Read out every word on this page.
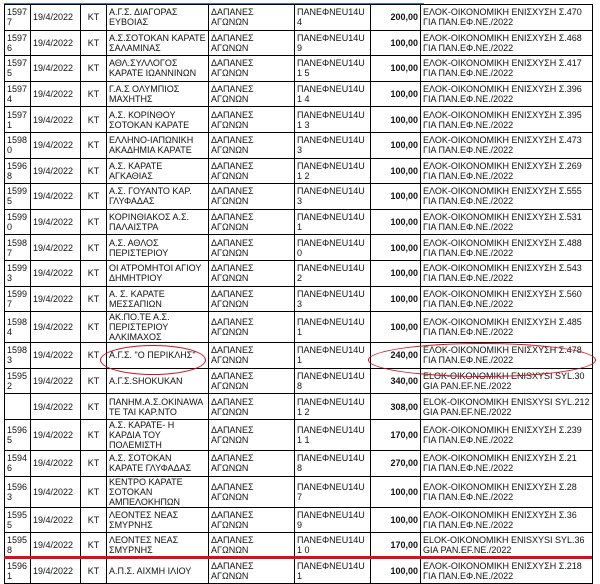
15977	19/4/2022	ΚΤ	Α.Γ.Σ. ΔΙΑΓΟΡΑΣ ΕΥΒΟΙΑΣ	ΔΑΠΑΝΕΣ ΑΓΩΝΩΝ	ΠΑΝΕΦΝΕU14U4	200,00	ΕΛΟΚ-ΟΙΚΟΝΟΜΙΚΗ ΕΝΙΣΧΥΣΗ Σ.470 ΓΙΑ ΠΑΝ.ΕΦ.ΝΕ./2022
15976	19/4/2022	ΚΤ	Α.Σ.ΣΟΤΟΚΑΝ ΚΑΡΑΤΕ ΣΑΛΑΜΙΝΑΣ	ΔΑΠΑΝΕΣ ΑΓΩΝΩΝ	ΠΑΝΕΦΝΕU14U9	100,00	ΕΛΟΚ-ΟΙΚΟΝΟΜΙΚΗ ΕΝΙΣΧΥΣΗ Σ.468 ΓΙΑ ΠΑΝ.ΕΦ.ΝΕ./2022
15975	19/4/2022	ΚΤ	ΑΘΛ.ΣΥΛΛΟΓΟΣ ΚΑΡΑΤΕ ΙΩΑΝΝΙΝΩΝ	ΔΑΠΑΝΕΣ ΑΓΩΝΩΝ	ΠΑΝΕΦΝΕU14U1 5	100,00	ΕΛΟΚ-ΟΙΚΟΝΟΜΙΚΗ ΕΝΙΣΧΥΣΗ Σ.417 ΓΙΑ ΠΑΝ.ΕΦ.ΝΕ./2022
15974	19/4/2022	ΚΤ	Γ.Α.Σ ΟΛΥΜΠΙΟΣ ΜΑΧΗΤΗΣ	ΔΑΠΑΝΕΣ ΑΓΩΝΩΝ	ΠΑΝΕΦΝΕU14U1 4	100,00	ΕΛΟΚ-ΟΙΚΟΝΟΜΙΚΗ ΕΝΙΣΧΥΣΗ Σ.396 ΓΙΑ ΠΑΝ.ΕΦ.ΝΕ./2022
15971	19/4/2022	ΚΤ	Α.Σ. ΚΟΡΙΝΘΟΥ ΣΟΤΟΚΑΝ ΚΑΡΑΤΕ	ΔΑΠΑΝΕΣ ΑΓΩΝΩΝ	ΠΑΝΕΦΝΕU14U1 3	100,00	ΕΛΟΚ-ΟΙΚΟΝΟΜΙΚΗ ΕΝΙΣΧΥΣΗ Σ.395 ΓΙΑ ΠΑΝ.ΕΦ.ΝΕ./2022
15980	19/4/2022	ΚΤ	ΕΛΛΗΝΟ-ΙΑΠΩΝΙΚΗ ΑΚΑΔΗΜΙΑ ΚΑΡΑΤΕ	ΔΑΠΑΝΕΣ ΑΓΩΝΩΝ	ΠΑΝΕΦΝΕU14U3	100,00	ΕΛΟΚ-ΟΙΚΟΝΟΜΙΚΗ ΕΝΙΣΧΥΣΗ Σ.473 ΓΙΑ ΠΑΝ.ΕΦ.ΝΕ./2022
15968	19/4/2022	ΚΤ	Α.Σ. ΚΑΡΑΤΕ ΑΓΚΑΘΙΑΣ	ΔΑΠΑΝΕΣ ΑΓΩΝΩΝ	ΠΑΝΕΦΝΕU14U1 2	100,00	ΕΛΟΚ-ΟΙΚΟΝΟΜΙΚΗ ΕΝΙΣΧΥΣΗ Σ.269 ΓΙΑ ΠΑΝ.ΕΦ.ΝΕ./2022
15995	19/4/2022	ΚΤ	Α.Σ. ΓΟΥΑΝΤΟ ΚΑΡ. ΓΛΥΦΑΔΑΣ	ΔΑΠΑΝΕΣ ΑΓΩΝΩΝ	ΠΑΝΕΦΝΕU14U3	100,00	ΕΛΟΚ-ΟΙΚΟΝΟΜΙΚΗ ΕΝΙΣΧΥΣΗ Σ.555 ΓΙΑ ΠΑΝ.ΕΦ.ΝΕ./2022
15990	19/4/2022	ΚΤ	ΚΟΡΙΝΘΙΑΚΟΣ Α.Σ. ΠΑΛΑΙΣΤΡΑ	ΔΑΠΑΝΕΣ ΑΓΩΝΩΝ	ΠΑΝΕΦΝΕU14U1	100,00	ΕΛΟΚ-ΟΙΚΟΝΟΜΙΚΗ ΕΝΙΣΧΥΣΗ Σ.531 ΓΙΑ ΠΑΝ.ΕΦ.ΝΕ./2022
15987	19/4/2022	ΚΤ	Α.Σ. ΑΘΛΟΣ ΠΕΡΙΣΤΕΡΙΟΥ	ΔΑΠΑΝΕΣ ΑΓΩΝΩΝ	ΠΑΝΕΦΝΕU14U0	100,00	ΕΛΟΚ-ΟΙΚΟΝΟΜΙΚΗ ΕΝΙΣΧΥΣΗ Σ.488 ΓΙΑ ΠΑΝ.ΕΦ.ΝΕ./2022
15993	19/4/2022	ΚΤ	ΟΙ ΑΤΡΟΜΗΤΟΙ ΑΓΙΟΥ ΔΗΜΗΤΡΙΟΥ	ΔΑΠΑΝΕΣ ΑΓΩΝΩΝ	ΠΑΝΕΦΝΕU14U2	100,00	ΕΛΟΚ-ΟΙΚΟΝΟΜΙΚΗ ΕΝΙΣΧΥΣΗ Σ.543 ΓΙΑ ΠΑΝ.ΕΦ.ΝΕ./2022
15997	19/4/2022	ΚΤ	Α. Σ. ΚΑΡΑΤΕ ΜΕΣΣΑΠΙΩΝ	ΔΑΠΑΝΕΣ ΑΓΩΝΩΝ	ΠΑΝΕΦΝΕU14U3	100,00	ΕΛΟΚ-ΟΙΚΟΝΟΜΙΚΗ ΕΝΙΣΧΥΣΗ Σ.560 ΓΙΑ ΠΑΝ.ΕΦ.ΝΕ./2022
15984	19/4/2022	ΚΤ	ΑΚ.ΠΟ.ΤΕ Α.Σ. ΠΕΡΙΣΤΕΡΙΟΥ ΑΛΚΙΜΑΧΟΣ	ΔΑΠΑΝΕΣ ΑΓΩΝΩΝ	ΠΑΝΕΦΝΕU14U1	100,00	ΕΛΟΚ-ΟΙΚΟΝΟΜΙΚΗ ΕΝΙΣΧΥΣΗ Σ.485 ΓΙΑ ΠΑΝ.ΕΦ.ΝΕ./2022
15983	19/4/2022	ΚΤ	Α.Γ.Σ. "Ο ΠΕΡΙΚΛΗΣ"	ΔΑΠΑΝΕΣ ΑΓΩΝΩΝ	ΠΑΝΕΦΝΕU14U1	240,00	ΕΛΟΚ-ΟΙΚΟΝΟΜΙΚΗ ΕΝΙΣΧΥΣΗ Σ.478 ΓΙΑ ΠΑΝ.ΕΦ.ΝΕ./2022
15952	19/4/2022	ΚΤ	Α.Γ.Σ.SHOKUKAN	ΔΑΠΑΝΕΣ ΑΓΩΝΩΝ	ΠΑΝΕΦΝΕU14U8	340,00	ELOK-OIKONOMIKH ENISXYSI SYL.30 GIA PAN.EF.NE./2022
	19/4/2022	ΚΤ	ΠΑΝΗΜ.Α.Σ.ΟΚΙΝΑWA ΤΕ ΤΑΙ ΚΑΡ.ΝΤΟ	ΔΑΠΑΝΕΣ ΑΓΩΝΩΝ	ΠΑΝΕΦΝΕU14U1 2	308,00	ELOK-OIKONOMIKH ENISXYSI SYL.212 GIA PAN.EF.NE./2022
15965	19/4/2022	ΚΤ	Α.Σ. ΚΑΡΑΤΕ- Η ΚΑΡΔΙΑ ΤΟΥ ΠΟΛΕΜΙΣΤΗ	ΔΑΠΑΝΕΣ ΑΓΩΝΩΝ	ΠΑΝΕΦΝΕU14U1 1	170,00	ΕΛΟΚ-ΟΙΚΟΝΟΜΙΚΗ ΕΝΙΣΧΥΣΗ Σ.239 ΓΙΑ ΠΑΝ.ΕΦ.ΝΕ./2022
15946	19/4/2022	ΚΤ	Α.Σ. ΣΟΤΟΚΑΝ ΚΑΡΑΤΕ ΓΛΥΦΑΔΑΣ	ΔΑΠΑΝΕΣ ΑΓΩΝΩΝ	ΠΑΝΕΦΝΕU14U8	270,00	ΕΛΟΚ-ΟΙΚΟΝΟΜΙΚΗ ΕΝΙΣΧΥΣΗ Σ.21 ΓΙΑ ΠΑΝ.ΕΦ.ΝΕ./2022
15963	19/4/2022	ΚΤ	ΚΕΝΤΡΟ ΚΑΡΑΤΕ ΣΟΤΟΚΑΝ ΑΜΠΕΛΟΚΗΠΩΝ	ΔΑΠΑΝΕΣ ΑΓΩΝΩΝ	ΠΑΝΕΦΝΕU14U7	100,00	ΕΛΟΚ-ΟΙΚΟΝΟΜΙΚΗ ΕΝΙΣΧΥΣΗ Σ.28 ΓΙΑ ΠΑΝ.ΕΦ.ΝΕ./2022
15955	19/4/2022	ΚΤ	ΛΕΟΝΤΕΣ ΝΕΑΣ ΣΜΥΡΝΗΣ	ΔΑΠΑΝΕΣ ΑΓΩΝΩΝ	ΠΑΝΕΦΝΕU14U9	100,00	ΕΛΟΚ-ΟΙΚΟΝΟΜΙΚΗ ΕΝΙΣΧΥΣΗ Σ.36 ΓΙΑ ΠΑΝ.ΕΦ.ΝΕ./2022
15958	19/4/2022	ΚΤ	ΛΕΟΝΤΕΣ ΝΕΑΣ ΣΜΥΡΝΗΣ	ΔΑΠΑΝΕΣ ΑΓΩΝΩΝ	ΠΑΝΕΦΝΕU14U1 0	170,00	ELOK-OIKONOMIKH ENISXYSI SYL.36 GIA PAN.EF.NE./2022
15961	19/4/2022	ΚΤ	Α.Π.Σ. ΑΙΧΜΗ ΙΛΙΟΥ	ΔΑΠΑΝΕΣ ΑΓΩΝΩΝ	ΠΑΝΕΦΝΕU14U1	100,00	ΕΛΟΚ-ΟΙΚΟΝΟΜΙΚΗ ΕΝΙΣΧΥΣΗ Σ.218 ΓΙΑ ΠΑΝ.ΕΦ.ΝΕ./2022
